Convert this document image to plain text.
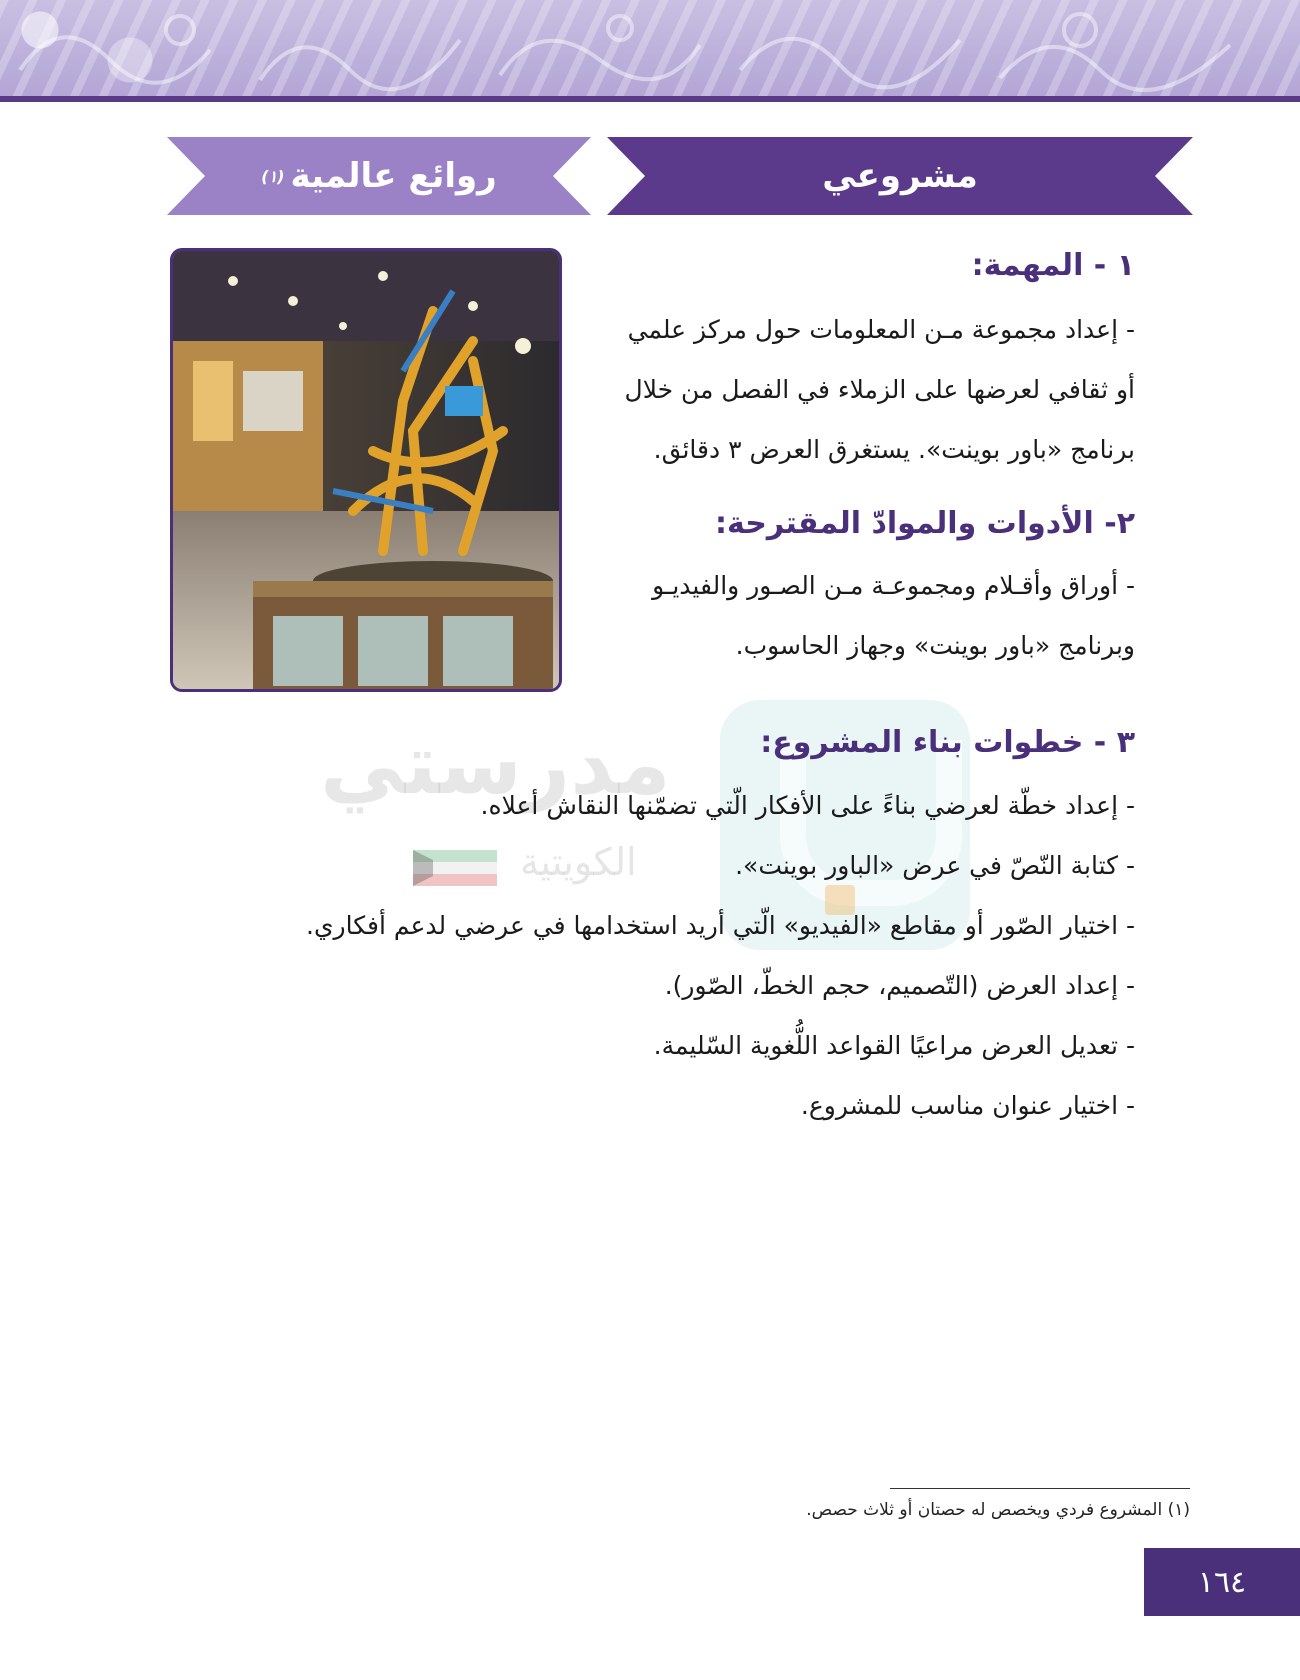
مشروعي
روائع عالمية
(١)
١ - المهمة:
- إعداد مجموعة مـن المعلومات حول مركز علمي
أو ثقافي لعرضها على الزملاء في الفصل من خلال
برنامج «باور بوينت». يستغرق العرض ٣ دقائق.
٢- الأدوات والموادّ المقترحة:
- أوراق وأقـلام ومجموعـة مـن الصـور والفيديـو
وبرنامج «باور بوينت» وجهاز الحاسوب.
مدرستي
الكويتية
٣ - خطوات بناء المشروع:
- إعداد خطّة لعرضي بناءً على الأفكار الّتي تضمّنها النقاش أعلاه.
- كتابة النّصّ في عرض «الباور بوينت».
- اختيار الصّور أو مقاطع «الفيديو» الّتي أريد استخدامها في عرضي لدعم أفكاري.
- إعداد العرض (التّصميم، حجم الخطّ، الصّور).
- تعديل العرض مراعيًا القواعد اللُّغوية السّليمة.
- اختيار عنوان مناسب للمشروع.
(١) المشروع فردي ويخصص له حصتان أو ثلاث حصص.
١٦٤
